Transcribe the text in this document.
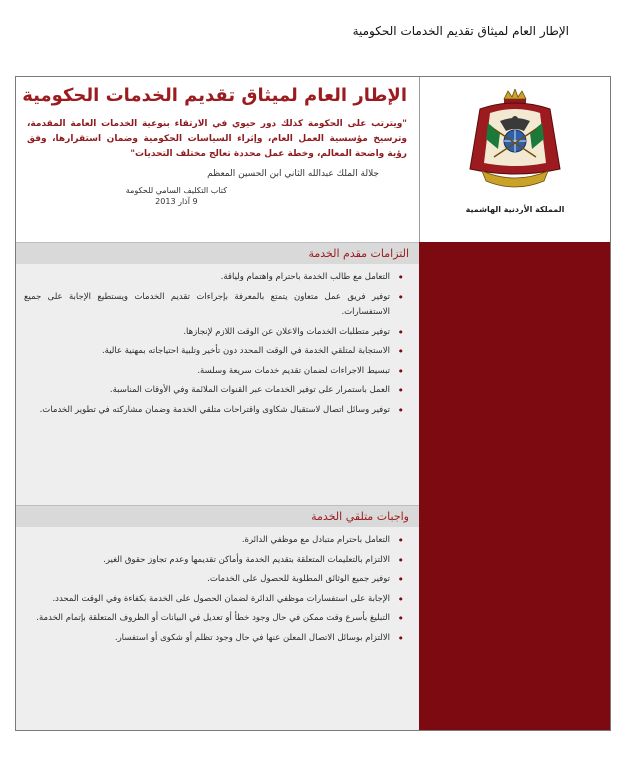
الإطار العام لميثاق تقديم الخدمات الحكومية
الإطار العام لميثاق تقديم الخدمات الحكومية
"ويترتب على الحكومة كذلك دور حيوي في الارتقاء بنوعية الخدمات العامة المقدمة، وترسيخ مؤسسية العمل العام، وإثراء السياسات الحكومية وضمان استقرارها، وفق رؤية واضحة المعالم، وخطة عمل محددة تعالج مختلف التحديات"
جلالة الملك عبدالله الثاني ابن الحسين المعظم
كتاب التكليف السامي للحكومة
9 آذار 2013
المملكة الأردنية الهاشمية
التزامات مقدم الخدمة
• التعامل مع طالب الخدمة باحترام واهتمام ولياقة.
• توفير فريق عمل متعاون يتمتع بالمعرفة بإجراءات تقديم الخدمات ويستطيع الإجابة على جميع الاستفسارات.
• توفير متطلبات الخدمات والاعلان عن الوقت اللازم لإنجازها.
• الاستجابة لمتلقي الخدمة في الوقت المحدد دون تأخير وتلبية احتياجاته بمهنية عالية.
• تبسيط الاجراءات لضمان تقديم خدمات سريعة وسلسة.
• العمل باستمرار على توفير الخدمات عبر القنوات الملائمة وفي الأوقات المناسبة.
• توفير وسائل اتصال لاستقبال شكاوى واقتراحات متلقي الخدمة وضمان مشاركته في تطوير الخدمات.
واجبات متلقي الخدمة
• التعامل باحترام متبادل مع موظفي الدائرة.
• الالتزام بالتعليمات المتعلقة بتقديم الخدمة وأماكن تقديمها وعدم تجاوز حقوق الغير.
• توفير جميع الوثائق المطلوبة للحصول على الخدمات.
• الإجابة على استفسارات موظفي الدائرة لضمان الحصول على الخدمة بكفاءة وفي الوقت المحدد.
• التبليغ بأسرع وقت ممكن في حال وجود خطأ أو تعديل في البيانات أو الظروف المتعلقة بإتمام الخدمة.
• الالتزام بوسائل الاتصال المعلن عنها في حال وجود تظلم أو شكوى أو استفسار.
